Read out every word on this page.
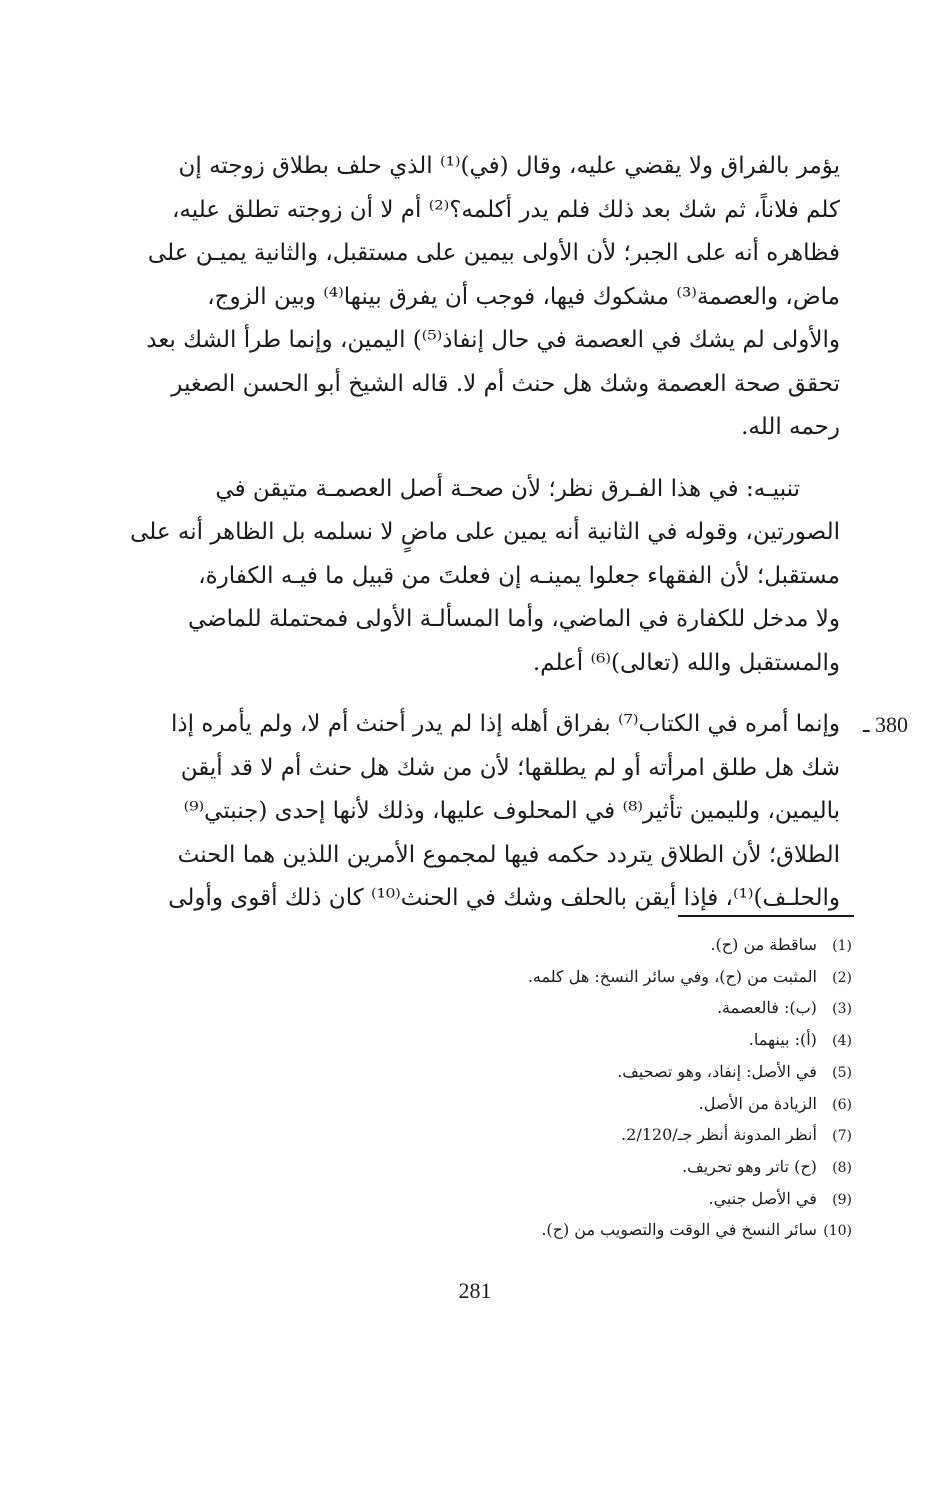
يؤمر بالفراق ولا يقضي عليه، وقال (في)⁽¹⁾ الذي حلف بطلاق زوجته إن
كلم فلاناً، ثم شك بعد ذلك فلم يدر أكلمه؟⁽²⁾ أم لا أن زوجته تطلق عليه،
فظاهره أنه على الجبر؛ لأن الأولى بيمين على مستقبل، والثانية يميـن على
ماض، والعصمة⁽³⁾ مشكوك فيها، فوجب أن يفرق بينها⁽⁴⁾ وبين الزوج،
والأولى لم يشك في العصمة في حال إنفاذ⁽⁵⁾) اليمين، وإنما طرأ الشك بعد
تحقق صحة العصمة وشك هل حنث أم لا. قاله الشيخ أبو الحسن الصغير
رحمه الله.
تنبيـه: في هذا الفـرق نظر؛ لأن صحـة أصل العصمـة متيقن في
الصورتين، وقوله في الثانية أنه يمين على ماضٍ لا نسلمه بل الظاهر أنه على
مستقبل؛ لأن الفقهاء جعلوا يمينـه إن فعلتَ من قبيل ما فيـه الكفارة،
ولا مدخل للكفارة في الماضي، وأما المسألـة الأولى فمحتملة للماضي
والمستقبل والله (تعالى)⁽⁶⁾ أعلم.
380 ـ
وإنما أمره في الكتاب⁽⁷⁾ بفراق أهله إذا لم يدر أحنث أم لا، ولم يأمره إذا
شك هل طلق امرأته أو لم يطلقها؛ لأن من شك هل حنث أم لا قد أيقن
باليمين، ولليمين تأثير⁽⁸⁾ في المحلوف عليها، وذلك لأنها إحدى (جنبتي⁽⁹⁾
الطلاق؛ لأن الطلاق يتردد حكمه فيها لمجموع الأمرين اللذين هما الحنث
والحلـف)⁽¹⁾، فإذا أيقن بالحلف وشك في الحنث⁽¹⁰⁾ كان ذلك أقوى وأولى
(1) ساقطة من (ح).
(2) المثبت من (ح)، وفي سائر النسخ: هل كلمه.
(3) (ب): فالعصمة.
(4) (أ): بينهما.
(5) في الأصل: إنفاد، وهو تصحيف.
(6) الزيادة من الأصل.
(7) أنظر المدونة أنظر جـ/2/120.
(8) (ح) تاتر وهو تحريف.
(9) في الأصل جنبي.
(10) سائر النسخ في الوقت والتصويب من (ح).
281
